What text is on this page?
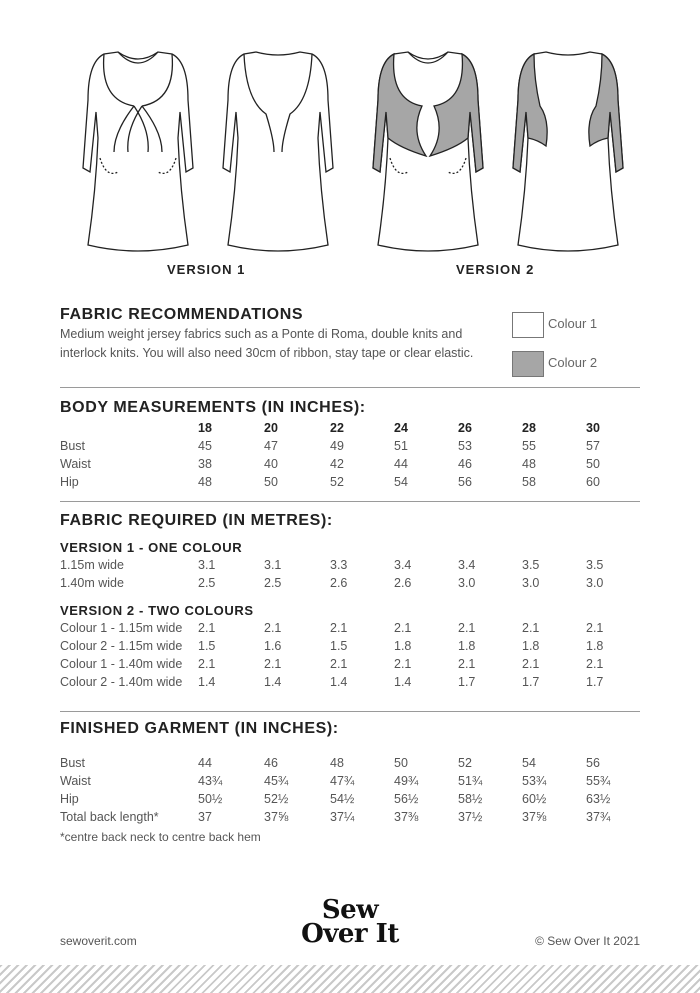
VERSION 1	VERSION 2
FABRIC RECOMMENDATIONS
Medium weight jersey fabrics such as a Ponte di Roma, double knits and interlock knits. You will also need 30cm of ribbon, stay tape or clear elastic.
Colour 1
Colour 2
BODY MEASUREMENTS (IN INCHES):
	18	20	22	24	26	28	30
Bust	45	47	49	51	53	55	57
Waist	38	40	42	44	46	48	50
Hip	48	50	52	54	56	58	60
FABRIC REQUIRED (IN METRES):
VERSION 1 - ONE COLOUR
1.15m wide	3.1	3.1	3.3	3.4	3.4	3.5	3.5
1.40m wide	2.5	2.5	2.6	2.6	3.0	3.0	3.0
VERSION 2 - TWO COLOURS
Colour 1 - 1.15m wide	2.1	2.1	2.1	2.1	2.1	2.1	2.1
Colour 2 - 1.15m wide	1.5	1.6	1.5	1.8	1.8	1.8	1.8
Colour 1 - 1.40m wide	2.1	2.1	2.1	2.1	2.1	2.1	2.1
Colour 2 - 1.40m wide	1.4	1.4	1.4	1.4	1.7	1.7	1.7
FINISHED GARMENT (IN INCHES):
Bust	44	46	48	50	52	54	56
Waist	43¾	45¾	47¾	49¾	51¾	53¾	55¾
Hip	50½	52½	54½	56½	58½	60½	63½
Total back length*	37	37⅝	37¼	37⅜	37½	37⅝	37¾
*centre back neck to centre back hem
sewoverit.com
Sew
Over It	© Sew Over It 2021
